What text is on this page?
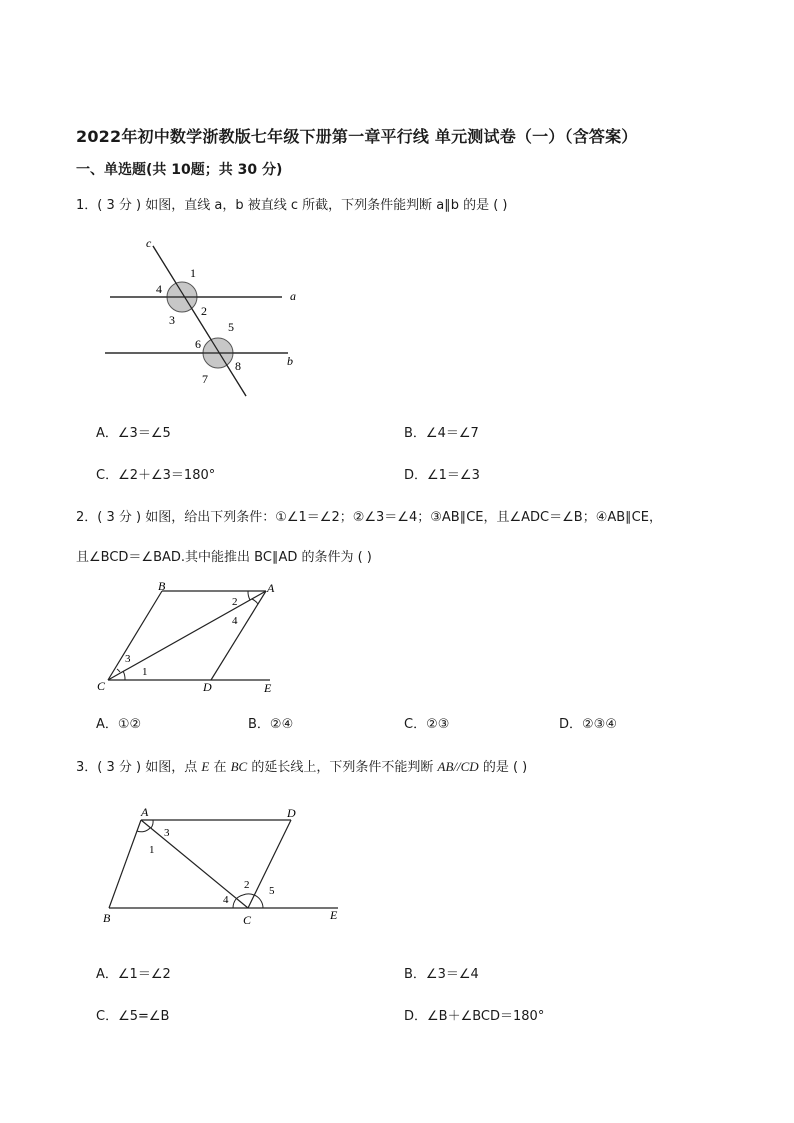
2022年初中数学浙教版七年级下册第一章平行线 单元测试卷（一）（含答案）
一、单选题(共 10题；共 30 分)
1．( 3 分 ) 如图，直线 a，b 被直线 c 所截，下列条件能判断 a∥b 的是 ( )
c
a
b
1
2
3
4
5
6
7
8
A．∠3＝∠5	B．∠4＝∠7
C．∠2＋∠3＝180°	D．∠1＝∠3
2．( 3 分 ) 如图，给出下列条件：①∠1＝∠2；②∠3＝∠4；③AB∥CE，且∠ADC＝∠B；④AB∥CE，
且∠BCD＝∠BAD.其中能推出 BC∥AD 的条件为 ( )
B	A
C	D	E
2
4
3
1
A．①②	B．②④	C．②③	D．②③④
3．( 3 分 ) 如图，点 E 在 BC 的延长线上，下列条件不能判断 AB//CD 的是 ( )
A	D
B	C	E
3
1
2
4
5
A．∠1＝∠2	B．∠3＝∠4
C．∠5=∠B	D．∠B＋∠BCD＝180°
